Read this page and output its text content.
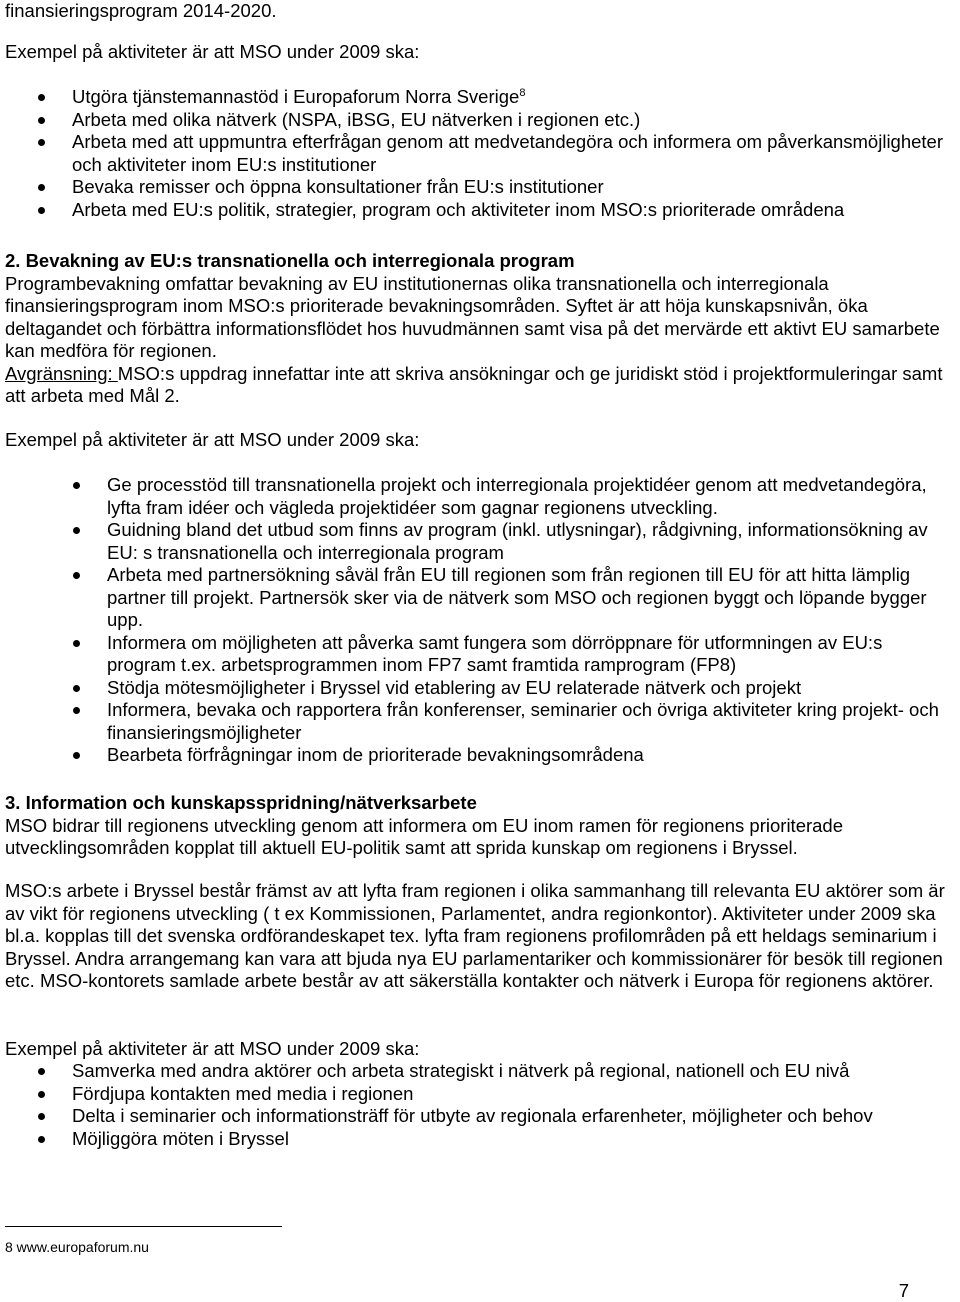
finansieringsprogram 2014-2020.

Exempel på aktiviteter är att MSO under 2009 ska:

Utgöra tjänstemannastöd i Europaforum Norra Sverige$^8$
Arbeta med olika nätverk (NSPA, iBSG, EU nätverken i regionen etc.)
Arbeta med att uppmuntra efterfrågan genom att medvetandegöra och informera om påverkansmöjligheter och aktiviteter inom EU:s institutioner
Bevaka remisser och öppna konsultationer från EU:s institutioner
Arbeta med EU:s politik, strategier, program och aktiviteter inom MSO:s prioriterade områdena

2. Bevakning av EU:s transnationella och interregionala program

Programbevakning omfattar bevakning av EU institutionernas olika transnationella och interregionala finansieringsprogram inom MSO:s prioriterade bevakningsområden. Syftet är att höja kunskapsnivån, öka deltagandet och förbättra informationsflödet hos huvudmännen samt visa på det mervärde ett aktivt EU samarbete kan medföra för regionen.

Avgränsning: MSO:s uppdrag innefattar inte att skriva ansökningar och ge juridiskt stöd i projektformuleringar samt att arbeta med Mål 2.

Exempel på aktiviteter är att MSO under 2009 ska:

Ge processtöd till transnationella projekt och interregionala projektidéer genom att medvetandegöra, lyfta fram idéer och vägleda projektidéer som gagnar regionens utveckling.
Guidning bland det utbud som finns av program (inkl. utlysningar), rådgivning, informationsökning av EU: s transnationella och interregionala program
Arbeta med partnersökning såväl från EU till regionen som från regionen till EU för att hitta lämplig partner till projekt. Partnersök sker via de nätverk som MSO och regionen byggt och löpande bygger upp.
Informera om möjligheten att påverka samt fungera som dörröppnare för utformningen av EU:s program t.ex. arbetsprogrammen inom FP7 samt framtida ramprogram (FP8)
Stödja mötesmöjligheter i Bryssel vid etablering av EU relaterade nätverk och projekt
Informera, bevaka och rapportera från konferenser, seminarier och övriga aktiviteter kring projekt- och finansieringsmöjligheter
Bearbeta förfrågningar inom de prioriterade bevakningsområdena

3. Information och kunskapsspridning/nätverksarbete

MSO bidrar till regionens utveckling genom att informera om EU inom ramen för regionens prioriterade utvecklingsområden kopplat till aktuell EU-politik samt att sprida kunskap om regionens i Bryssel.

MSO:s arbete i Bryssel består främst av att lyfta fram regionen i olika sammanhang till relevanta EU aktörer som är av vikt för regionens utveckling ( t ex Kommissionen, Parlamentet, andra regionkontor). Aktiviteter under 2009 ska bl.a. kopplas till det svenska ordförandeskapet tex. lyfta fram regionens profilområden på ett heldags seminarium i Bryssel. Andra arrangemang kan vara att bjuda nya EU parlamentariker och kommissionärer för besök till regionen etc. MSO-kontorets samlade arbete består av att säkerställa kontakter och nätverk i Europa för regionens aktörer.

Exempel på aktiviteter är att MSO under 2009 ska:

Samverka med andra aktörer och arbeta strategiskt i nätverk på regional, nationell och EU nivå
Fördjupa kontakten med media i regionen
Delta i seminarier och informationsträff för utbyte av regionala erfarenheter, möjligheter och behov
Möjliggöra möten i Bryssel
8 www.europaforum.nu
7
